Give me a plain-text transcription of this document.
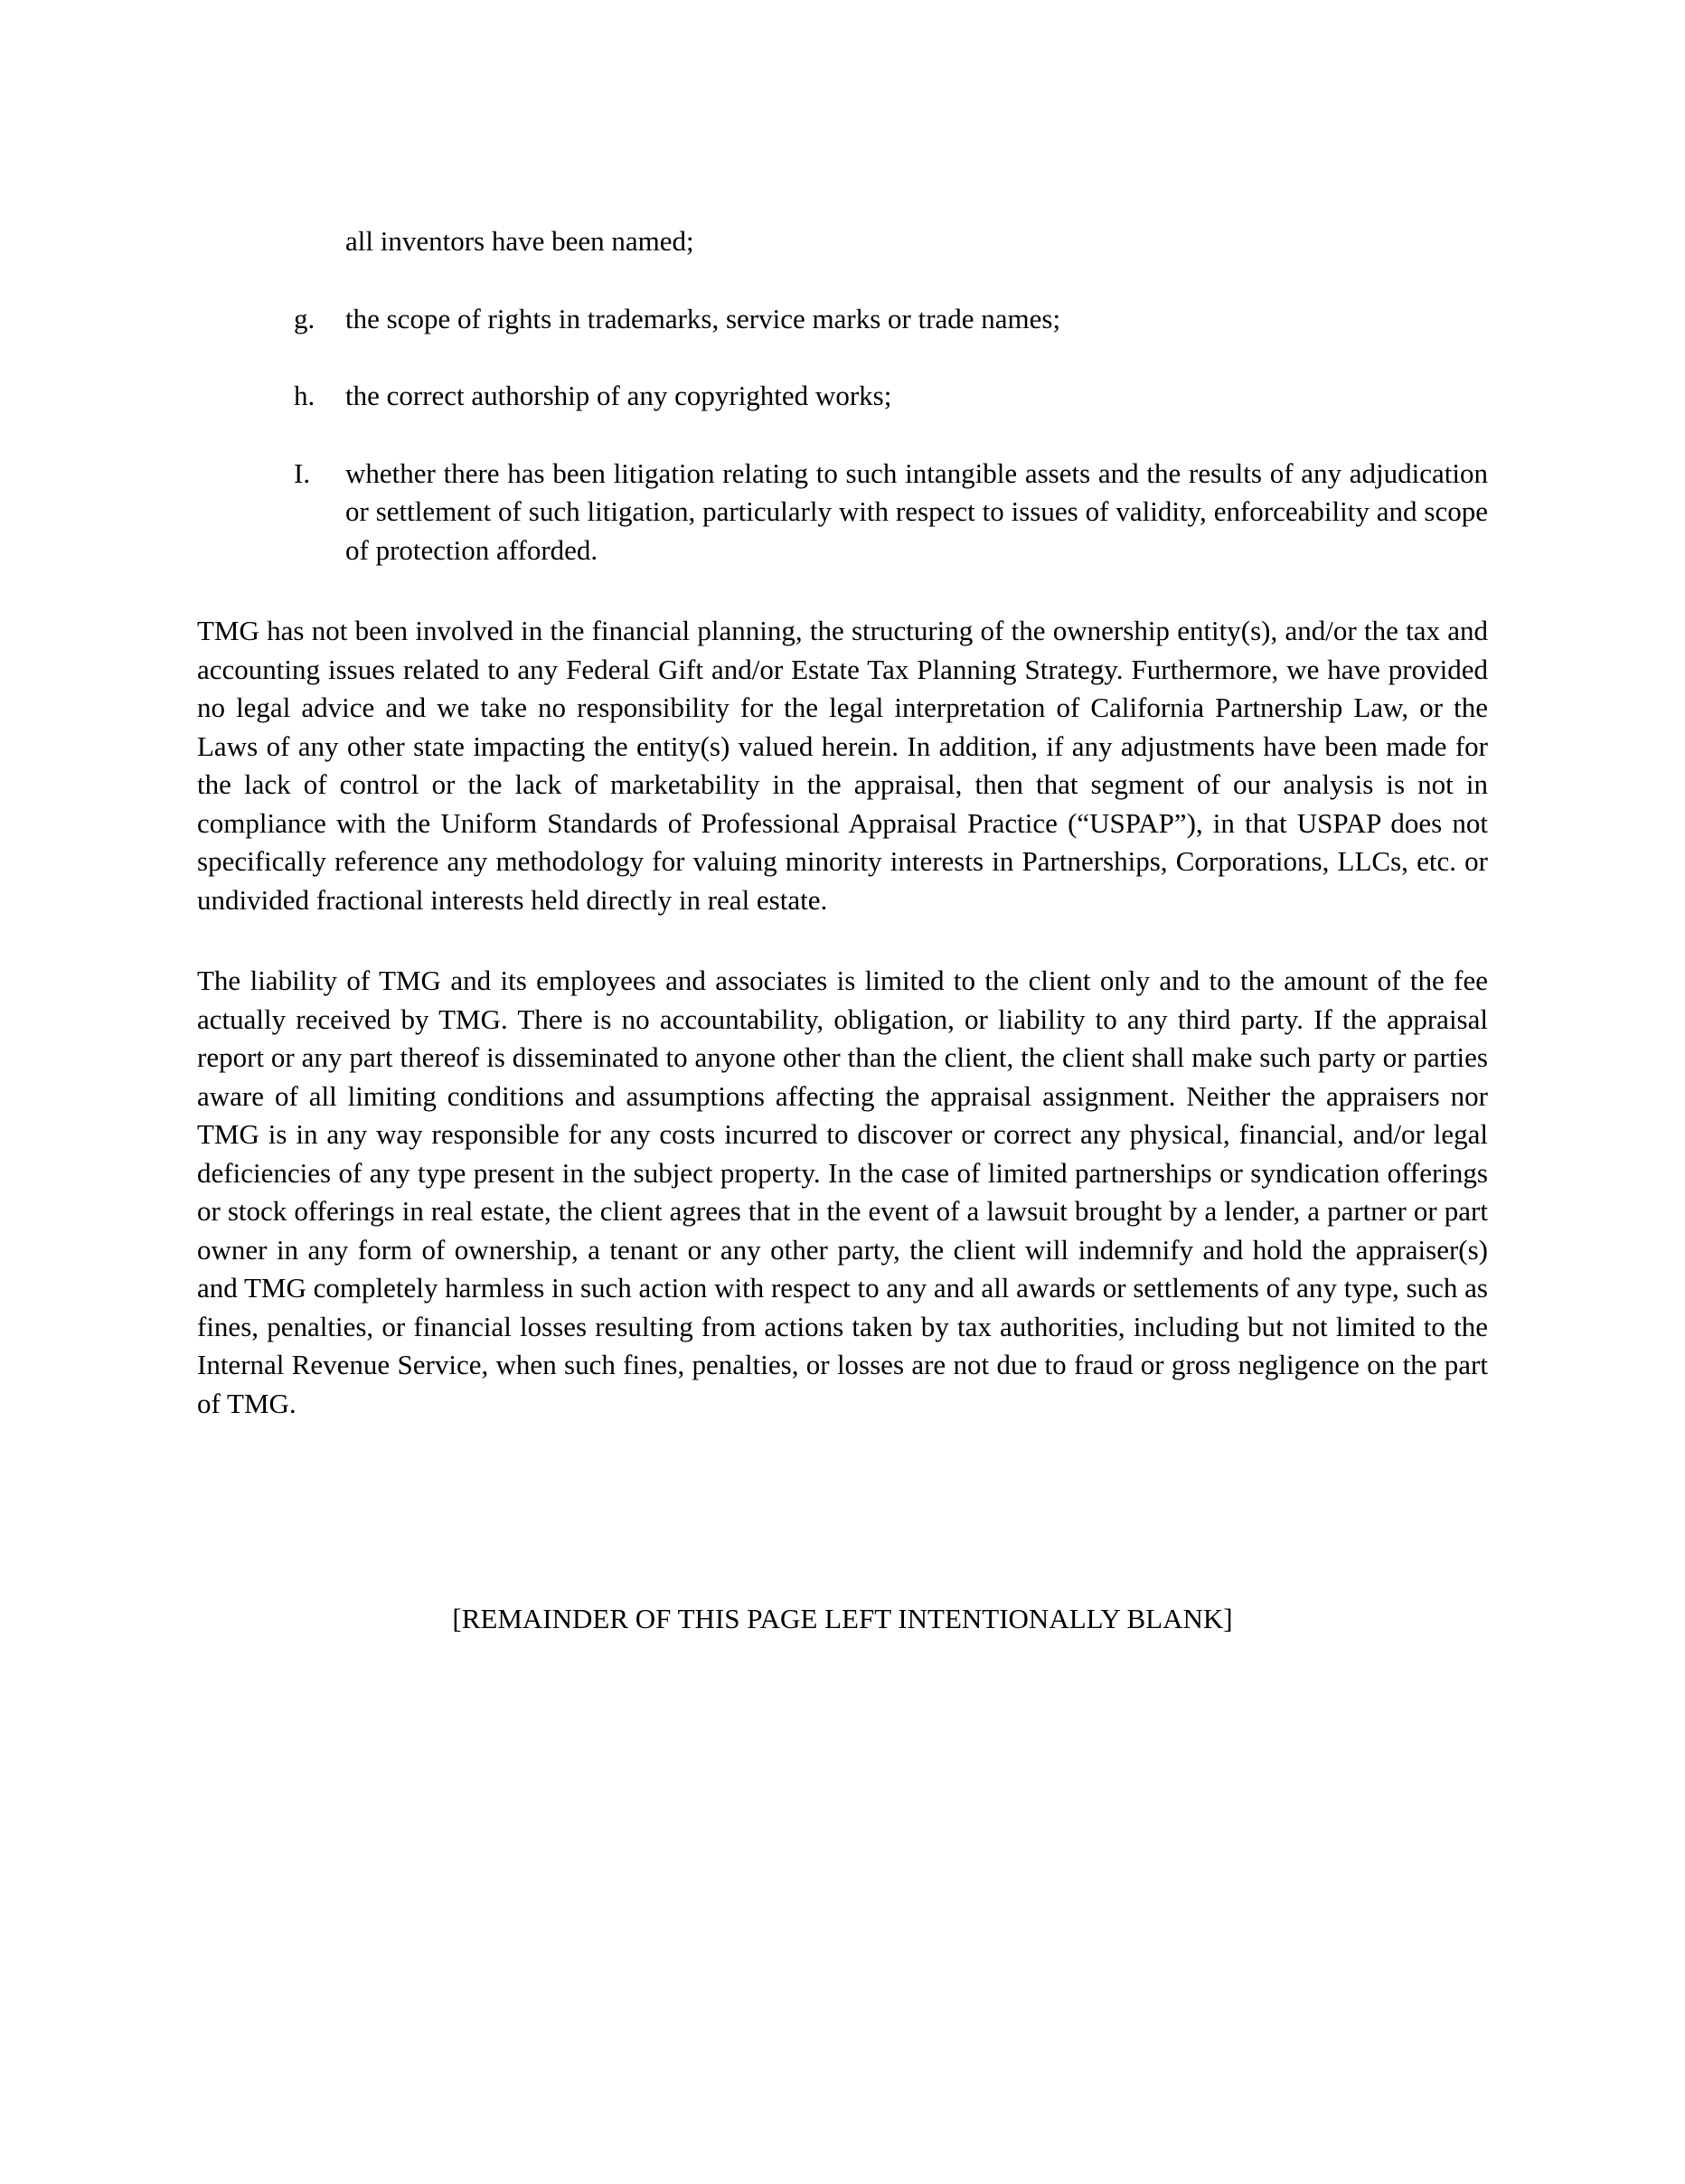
all inventors have been named;
g.	the scope of rights in trademarks, service marks or trade names;
h.	the correct authorship of any copyrighted works;
I.	whether there has been litigation relating to such intangible assets and the results of any adjudication or settlement of such litigation, particularly with respect to issues of validity, enforceability and scope of protection afforded.

TMG has not been involved in the financial planning, the structuring of the ownership entity(s), and/or the tax and accounting issues related to any Federal Gift and/or Estate Tax Planning Strategy. Furthermore, we have provided no legal advice and we take no responsibility for the legal interpretation of California Partnership Law, or the Laws of any other state impacting the entity(s) valued herein. In addition, if any adjustments have been made for the lack of control or the lack of marketability in the appraisal, then that segment of our analysis is not in compliance with the Uniform Standards of Professional Appraisal Practice (“USPAP”), in that USPAP does not specifically reference any methodology for valuing minority interests in Partnerships, Corporations, LLCs, etc. or undivided fractional interests held directly in real estate.

The liability of TMG and its employees and associates is limited to the client only and to the amount of the fee actually received by TMG. There is no accountability, obligation, or liability to any third party. If the appraisal report or any part thereof is disseminated to anyone other than the client, the client shall make such party or parties aware of all limiting conditions and assumptions affecting the appraisal assignment. Neither the appraisers nor TMG is in any way responsible for any costs incurred to discover or correct any physical, financial, and/or legal deficiencies of any type present in the subject property. In the case of limited partnerships or syndication offerings or stock offerings in real estate, the client agrees that in the event of a lawsuit brought by a lender, a partner or part owner in any form of ownership, a tenant or any other party, the client will indemnify and hold the appraiser(s) and TMG completely harmless in such action with respect to any and all awards or settlements of any type, such as fines, penalties, or financial losses resulting from actions taken by tax authorities, including but not limited to the Internal Revenue Service, when such fines, penalties, or losses are not due to fraud or gross negligence on the part of TMG.

[REMAINDER OF THIS PAGE LEFT INTENTIONALLY BLANK]
